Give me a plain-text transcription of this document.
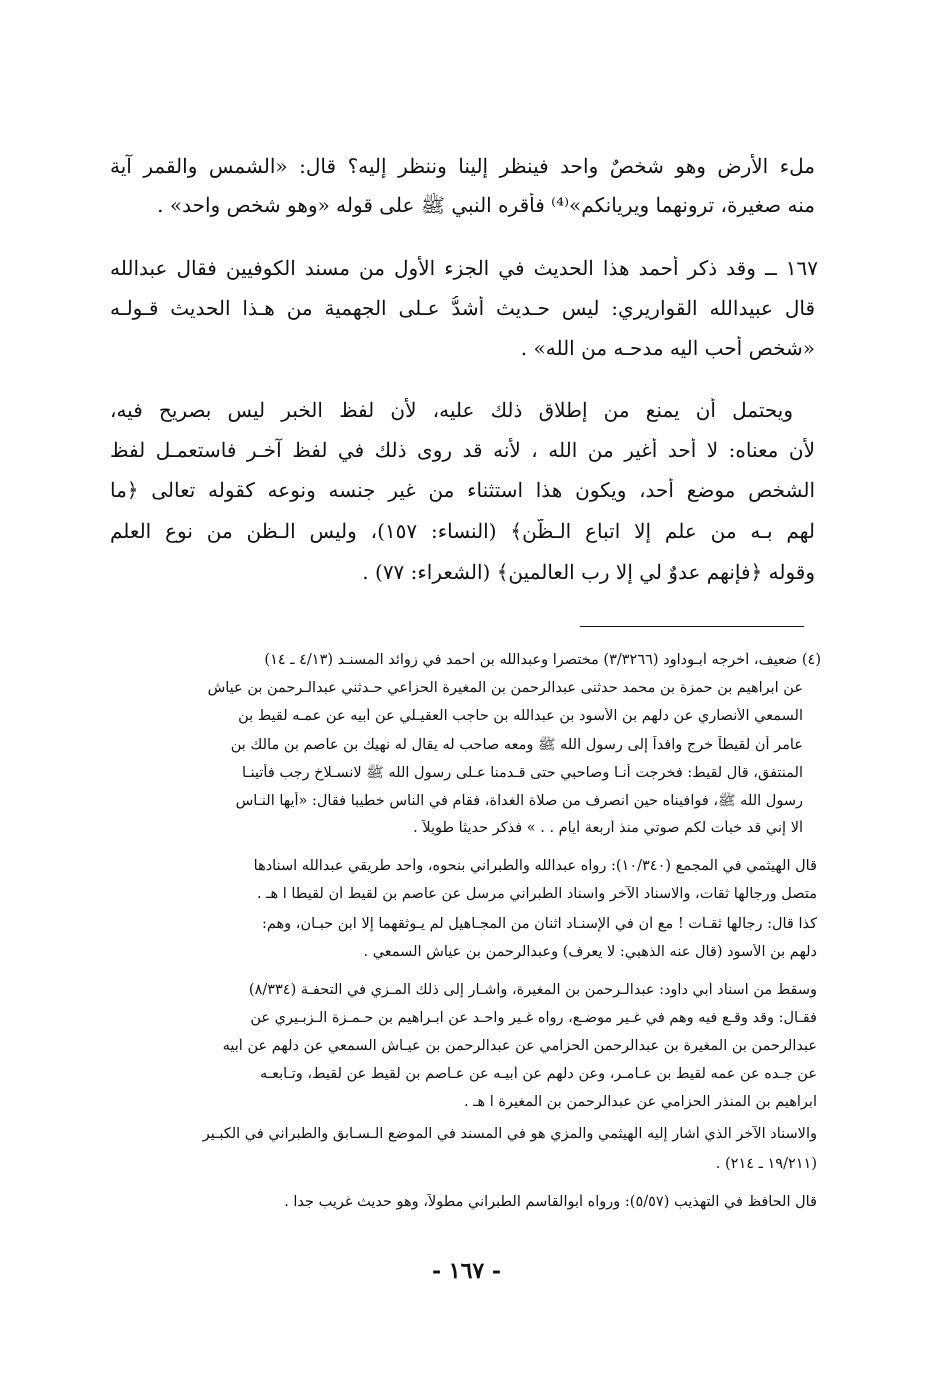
ملء الأرض وهو شخصٌ واحد فينظر إلينا وننظر إليه؟ قال: «الشمس والقمر آية
منه صغيرة، ترونهما ويريانكم»⁽⁴⁾ فأقره النبي ﷺ على قوله «وهو شخص واحد» .
١٦٧ ــ وقد ذكر أحمد هذا الحديث في الجزء الأول من مسند الكوفيين فقال عبدالله
قال عبيدالله القواريري: ليس حـديث أشدُّ عـلى الجهمية من هـذا الحديث قـولـه
«شخص أحب اليه مدحـه من الله» .
ويحتمل أن يمنع من إطلاق ذلك عليه، لأن لفظ الخبر ليس بصريح فيه،
لأن معناه: لا أحد أغير من الله ، لأنه قد روى ذلك في لفظ آخـر فاستعمـل لفظ
الشخص موضع أحد، ويكون هذا استثناء من غير جنسه ونوعه كقوله تعالى ﴿ما
لهم بـه من علم إلا اتباع الـظّن﴾ (النساء: ١٥٧)، وليس الـظن من نوع العلم
وقوله ﴿فإنهم عدوٌ لي إلا رب العالمين﴾ (الشعراء: ٧٧) .
(٤) ضعيف، أخرجه أبـوداود (٣/٣٢٦٦) مختصرا وعبدالله بن أحمد في زوائد المسنـد (٤/١٣ ـ ١٤)
عن ابراهيم بن حمزة بن محمد حدثنى عبدالرحمن بن المغيرة الحزاعي حـدثني عبدالـرحمن بن عياش
السمعي الأنصاري عن دلهم بن الأسود بن عبدالله بن حاجب العقيـلي عن أبيه عن عمـه لقيط بن
عامر أن لقيطاً خرج وافداً إلى رسول الله ﷺ ومعه صاحب له يقال له نهيك بن عاصم بن مالك بن
المنتفق، قال لقيط: فخرجت أنـا وصاحبي حتى قـدمنا عـلى رسول الله ﷺ لانسـلاخ رجب فأتينـا
رسول الله ﷺ، فوافيناه حين انصرف من صلاة الغداة، فقام في الناس خطيبا فقال: «أيها النـاس
ألا إني قد خبأت لكم صوتي منذ أربعة أيام . . » فذكر حديثاً طويلاً .
قال الهيثمي في المجمع (١٠/٣٤٠): رواه عبدالله والطبراني بنحوه، وأحد طريقي عبدالله اسنادها
متصل ورجالها ثقات، والاسناد الآخر واسناد الطبراني مرسل عن عاصم بن لقيط أن لقيطا ا هـ .
كذا قال: رجالها ثقـات ! مع أن في الإسنـاد اثنان من المجـاهيل لم يـوثقهما إلا ابن حبـان، وهم:
دلهم بن الأسود (قال عنه الذهبي: لا يعرف) وعبدالرحمن بن عياش السمعي .
وسقط من اسناد أبي داود: عبدالـرحمن بن المغيرة، وأشـار إلى ذلك المـزي في التحفـة (٨/٣٣٤)
فقـال: وقد وقـع فيه وهم في غـير موضـع، رواه غـير واحـد عن ابـراهيم بن حـمـزة الـزبـيري عن
عبدالرحمن بن المغيرة بن عبدالرحمن الحزامي عن عبدالرحمن بن عيـاش السمعي عن دلهم عن أبيه
عن جـده عن عمه لقيط بن عـامـر، وعن دلهم عن أبيـه عن عـاصم بن لقيط عن لقيط، وتـابعـه
ابراهيم بن المنذر الحزامي عن عبدالرحمن بن المغيرة ا هـ .
والاسناد الآخر الذي أشار إليه الهيثمي والمزي هو في المسند في الموضع الـسـابق والطبراني في الكبـير
(١٩/٢١١ ـ ٢١٤) .
قال الحافظ في التهذيب (٥/٥٧): ورواه أبوالقاسم الطبراني مطولاً، وهو حديث غريب جدا .
- ١٦٧ -
